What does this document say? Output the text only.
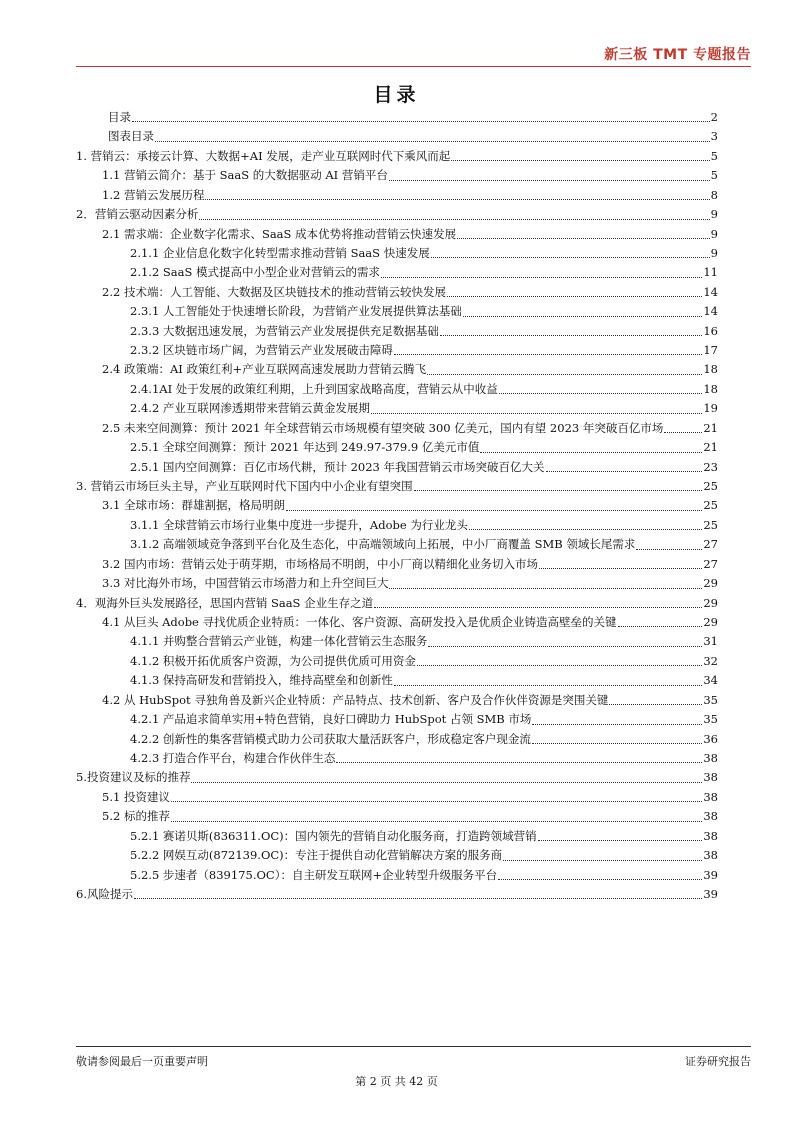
新三板 TMT 专题报告
目录
目录	2
图表目录	3
1. 营销云：承接云计算、大数据+AI 发展，走产业互联网时代下乘风而起	5
1.1 营销云简介：基于 SaaS 的大数据驱动 AI 营销平台	5
1.2 营销云发展历程	8
2．营销云驱动因素分析	9
2.1 需求端：企业数字化需求、SaaS 成本优势将推动营销云快速发展	9
2.1.1 企业信息化数字化转型需求推动营销 SaaS 快速发展	9
2.1.2 SaaS 模式提高中小型企业对营销云的需求	11
2.2 技术端：人工智能、大数据及区块链技术的推动营销云较快发展	14
2.3.1 人工智能处于快速增长阶段，为营销产业发展提供算法基础	14
2.3.3 大数据迅速发展，为营销云产业发展提供充足数据基础	16
2.3.2 区块链市场广阔，为营销云产业发展破击障碍	17
2.4 政策端：AI 政策红利+产业互联网高速发展助力营销云腾飞	18
2.4.1AI 处于发展的政策红利期，上升到国家战略高度，营销云从中收益	18
2.4.2 产业互联网渗透期带来营销云黄金发展期	19
2.5 未来空间测算：预计 2021 年全球营销云市场规模有望突破 300 亿美元，国内有望 2023 年突破百亿市场	21
2.5.1 全球空间测算：预计 2021 年达到 249.97-379.9 亿美元市值	21
2.5.1 国内空间测算：百亿市场代耕，预计 2023 年我国营销云市场突破百亿大关	23
3. 营销云市场巨头主导，产业互联网时代下国内中小企业有望突围	25
3.1 全球市场：群雄割据，格局明朗	25
3.1.1 全球营销云市场行业集中度进一步提升，Adobe 为行业龙头	25
3.1.2 高端领域竞争落到平台化及生态化，中高端领域向上拓展，中小厂商覆盖 SMB 领域长尾需求	27
3.2 国内市场：营销云处于萌芽期，市场格局不明朗，中小厂商以精细化业务切入市场	27
3.3 对比海外市场，中国营销云市场潜力和上升空间巨大	29
4．观海外巨头发展路径，思国内营销 SaaS 企业生存之道	29
4.1 从巨头 Adobe 寻找优质企业特质：一体化、客户资源、高研发投入是优质企业铸造高壁垒的关键	29
4.1.1 并购整合营销云产业链，构建一体化营销云生态服务	31
4.1.2 积极开拓优质客户资源，为公司提供优质可用资金	32
4.1.3 保持高研发和营销投入，维持高壁垒和创新性	34
4.2 从 HubSpot 寻独角兽及新兴企业特质：产品特点、技术创新、客户及合作伙伴资源是突围关键	35
4.2.1 产品追求简单实用+特色营销，良好口碑助力 HubSpot 占领 SMB 市场	35
4.2.2 创新性的集客营销模式助力公司获取大量活跃客户，形成稳定客户现金流	36
4.2.3 打造合作平台，构建合作伙伴生态	38
5.投资建议及标的推荐	38
5.1 投资建议	38
5.2 标的推荐	38
5.2.1 赛诺贝斯(836311.OC)：国内领先的营销自动化服务商，打造跨领域营销	38
5.2.2 网娱互动(872139.OC)：专注于提供自动化营销解决方案的服务商	38
5.2.5 步速者（839175.OC）：自主研发互联网+企业转型升级服务平台	39
6.风险提示	39
敬请参阅最后一页重要声明	证券研究报告
第 2 页 共 42 页
